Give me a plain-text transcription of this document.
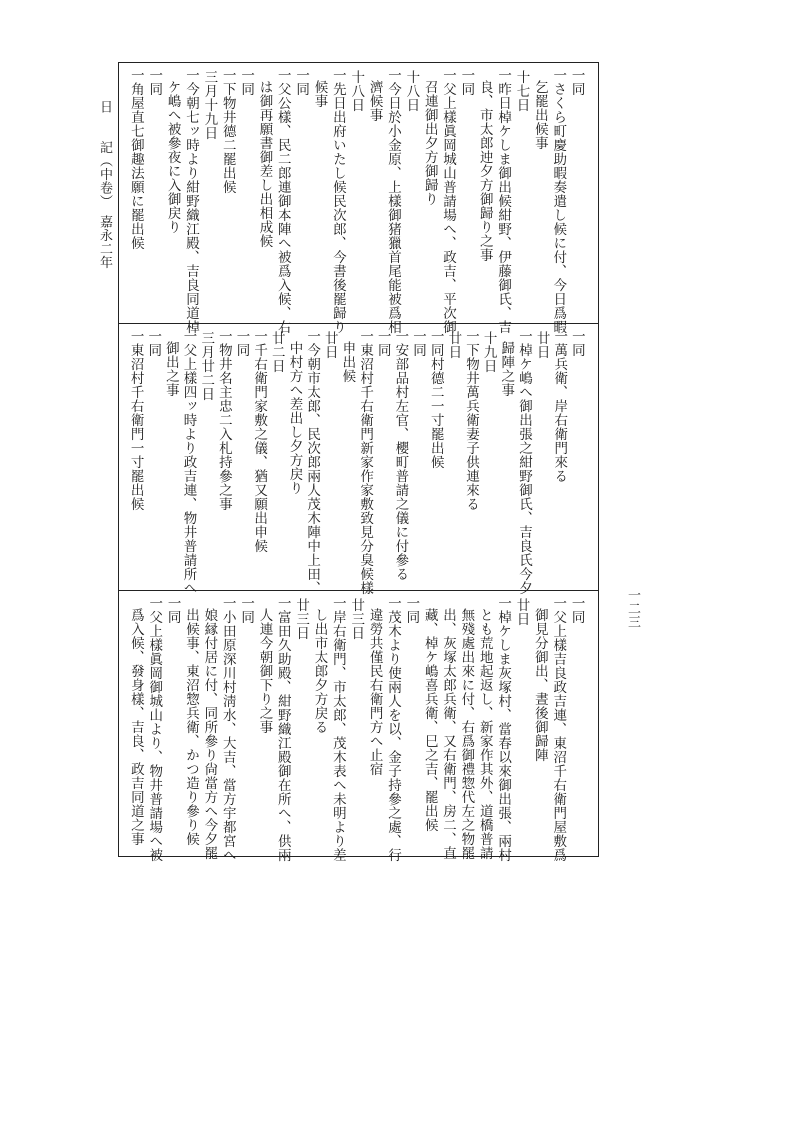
日　　記（中卷）　嘉永二年
一二三
一同
一さくら町慶助暇奏遣し候に付、今日爲暇
乞罷出候事
十七日
一昨日棹ケしま御出候紺野、伊藤御氏、吉
良、市太郎迚夕方御歸り之事
一同
一父上樣眞岡城山普請場へ、政吉、平次御
召連御出夕方御歸り
十八日
一今日於小金原、上樣御猪獵首尾能被爲相
濟候事
十八日
一先日出府いたし候民次郎、今書後罷歸り
候事
一同
一父公樣、民二郎連御本陣へ被爲入候、右
は御再願書御差し出相成候
一同
一下物井德二罷出候
三月十九日
一今朝七ッ時より紺野織江殿、吉良同道棹
ケ嶋へ被參夜に入御戻り
一同
一角屋直七御趣法願に罷出候
一同
一萬兵衛、岸右衛門來る
廿日
一棹ケ嶋へ御出張之紺野御氏、吉良氏今夕
歸陣之事
十九日
一下物井萬兵衛妻子供連來る
廿日
一同村德二一寸罷出候
一同
一安部品村左官、櫻町普請之儀に付參る
一同
一東沼村千右衛門新家作家敷致見分臭候樣
申出候
廿日
一今朝市太郎、民次郎兩人茂木陣中上田、
中村方へ差出し夕方戻り
廿二日
一千右衛門家敷之儀、猶又願出申候
一同
一物井名主忠二入札持參之事
三月廿二日
一父上樣四ッ時より政吉連、物井普請所へ
御出之事
一同
一東沼村千右衛門一寸罷出候
一同
一父上樣吉良政吉連、東沼千右衛門屋敷爲
御見分御出、晝後御歸陣
廿日
一棹ケしま灰塚村、當春以來御出張、兩村
とも荒地起返し、新家作其外、道橋普請
無殘處出來に付、右爲御禮惣代左之物罷
出、灰塚太郎兵衛、又右衛門、房二、直
藏、棹ケ嶋喜兵衛、巳之吉、罷出候
一同
一茂木より使兩人を以、金子持參之處、行
違勞共僅民右衛門方へ止宿
廿三日
一岸右衛門、市太郎、茂木表へ未明より差
し出市太郎夕方戻る
廿三日
一富田久助殿、紺野織江殿御在所へ、供兩
人連今朝御下り之事
一同
一小田原深川村淸水、大吉、當方宇都宮へ
娘縁付居に付、同所參り尙當方へ今夕罷
出候事、東沼惣兵衛、かつ造り參り候
一同
一父上樣眞岡御城山より、物井普請場へ被
爲入候、發身樣、吉良、政吉同道之事
